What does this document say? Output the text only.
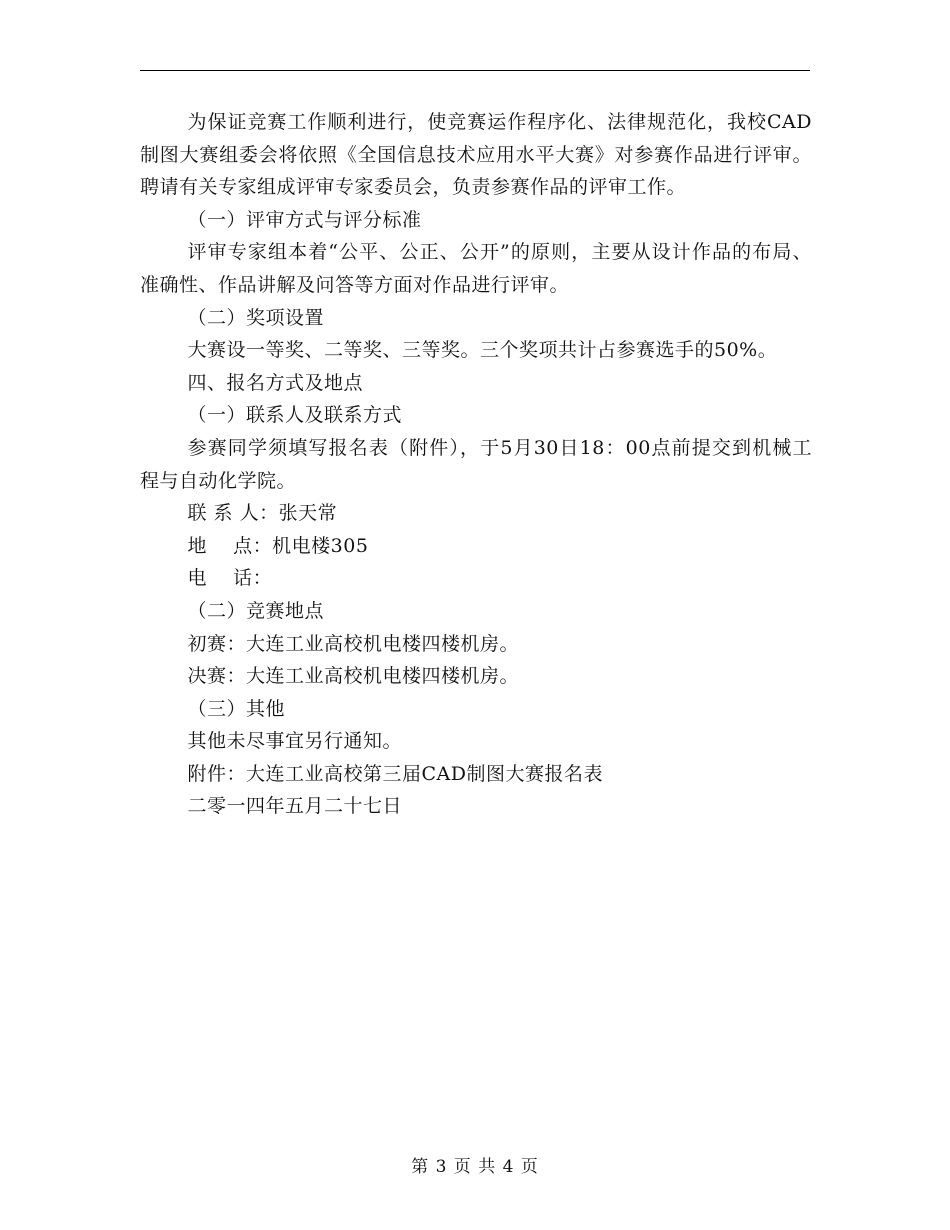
为保证竞赛工作顺利进行，使竞赛运作程序化、法律规范化，我校CAD制图大赛组委会将依照《全国信息技术应用水平大赛》对参赛作品进行评审。聘请有关专家组成评审专家委员会，负责参赛作品的评审工作。

（一）评审方式与评分标准

评审专家组本着“公平、公正、公开”的原则，主要从设计作品的布局、准确性、作品讲解及问答等方面对作品进行评审。

（二）奖项设置

大赛设一等奖、二等奖、三等奖。三个奖项共计占参赛选手的50%。

四、报名方式及地点

（一）联系人及联系方式

参赛同学须填写报名表（附件），于5月30日18：00点前提交到机械工程与自动化学院。

联 系 人：张天常

地    点：机电楼305

电    话：

（二）竞赛地点

初赛：大连工业高校机电楼四楼机房。

决赛：大连工业高校机电楼四楼机房。

（三）其他

其他未尽事宜另行通知。

附件：大连工业高校第三届CAD制图大赛报名表

二零一四年五月二十七日

第 3 页 共 4 页
